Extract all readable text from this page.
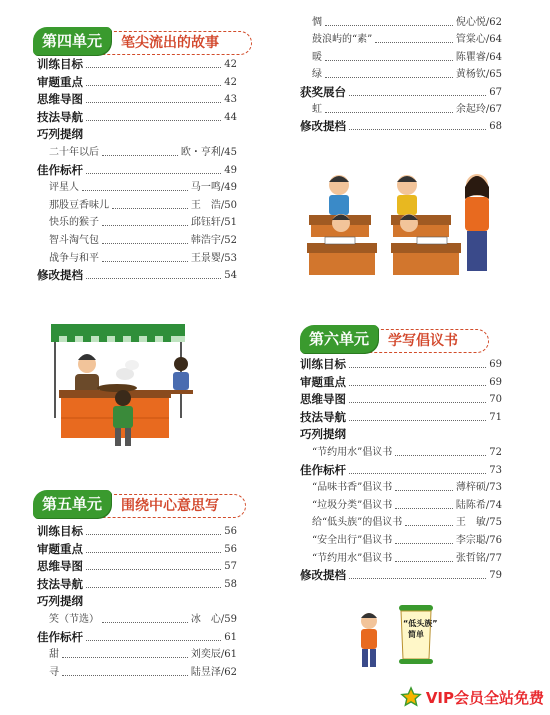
笔尖流出的故事
第四单元
训练目标	42
审题重点	42
思维导图	43
技法导航	44
巧列提纲
二十年以后	欧・亨利/45
佳作标杆	49
评星人	马一鸣/49
那股豆香味儿	王　浩/50
快乐的猴子	邱钰轩/51
智斗淘气包	韩浩宇/52
战争与和平	王景婴/53
修改提档	54
围绕中心意思写
第五单元
训练目标	56
审题重点	56
思维导图	57
技法导航	58
巧列提纲
笑（节选）	冰　心/59
佳作标杆	61
甜	刘奕辰/61
寻	陆昱泽/62
惆	倪心悦/62
鼓浪屿的“素”	管棠心/64
暖	陈瞿睿/64
绿	黄杨钦/65
获奖展台	67
虹	余起玲/67
修改提档	68
学写倡议书
第六单元
训练目标	69
审题重点	69
思维导图	70
技法导航	71
巧列提纲
“节约用水”倡议书	72
佳作标杆	73
“品味书香”倡议书	薄梓硕/73
“垃圾分类”倡议书	陆陈希/74
给“低头族”的倡议书	王　敏/75
“安全出行”倡议书	李宗聪/76
“节约用水”倡议书	张哲铭/77
修改提档	79
“低头族”
简单
VIP会员全站免费
